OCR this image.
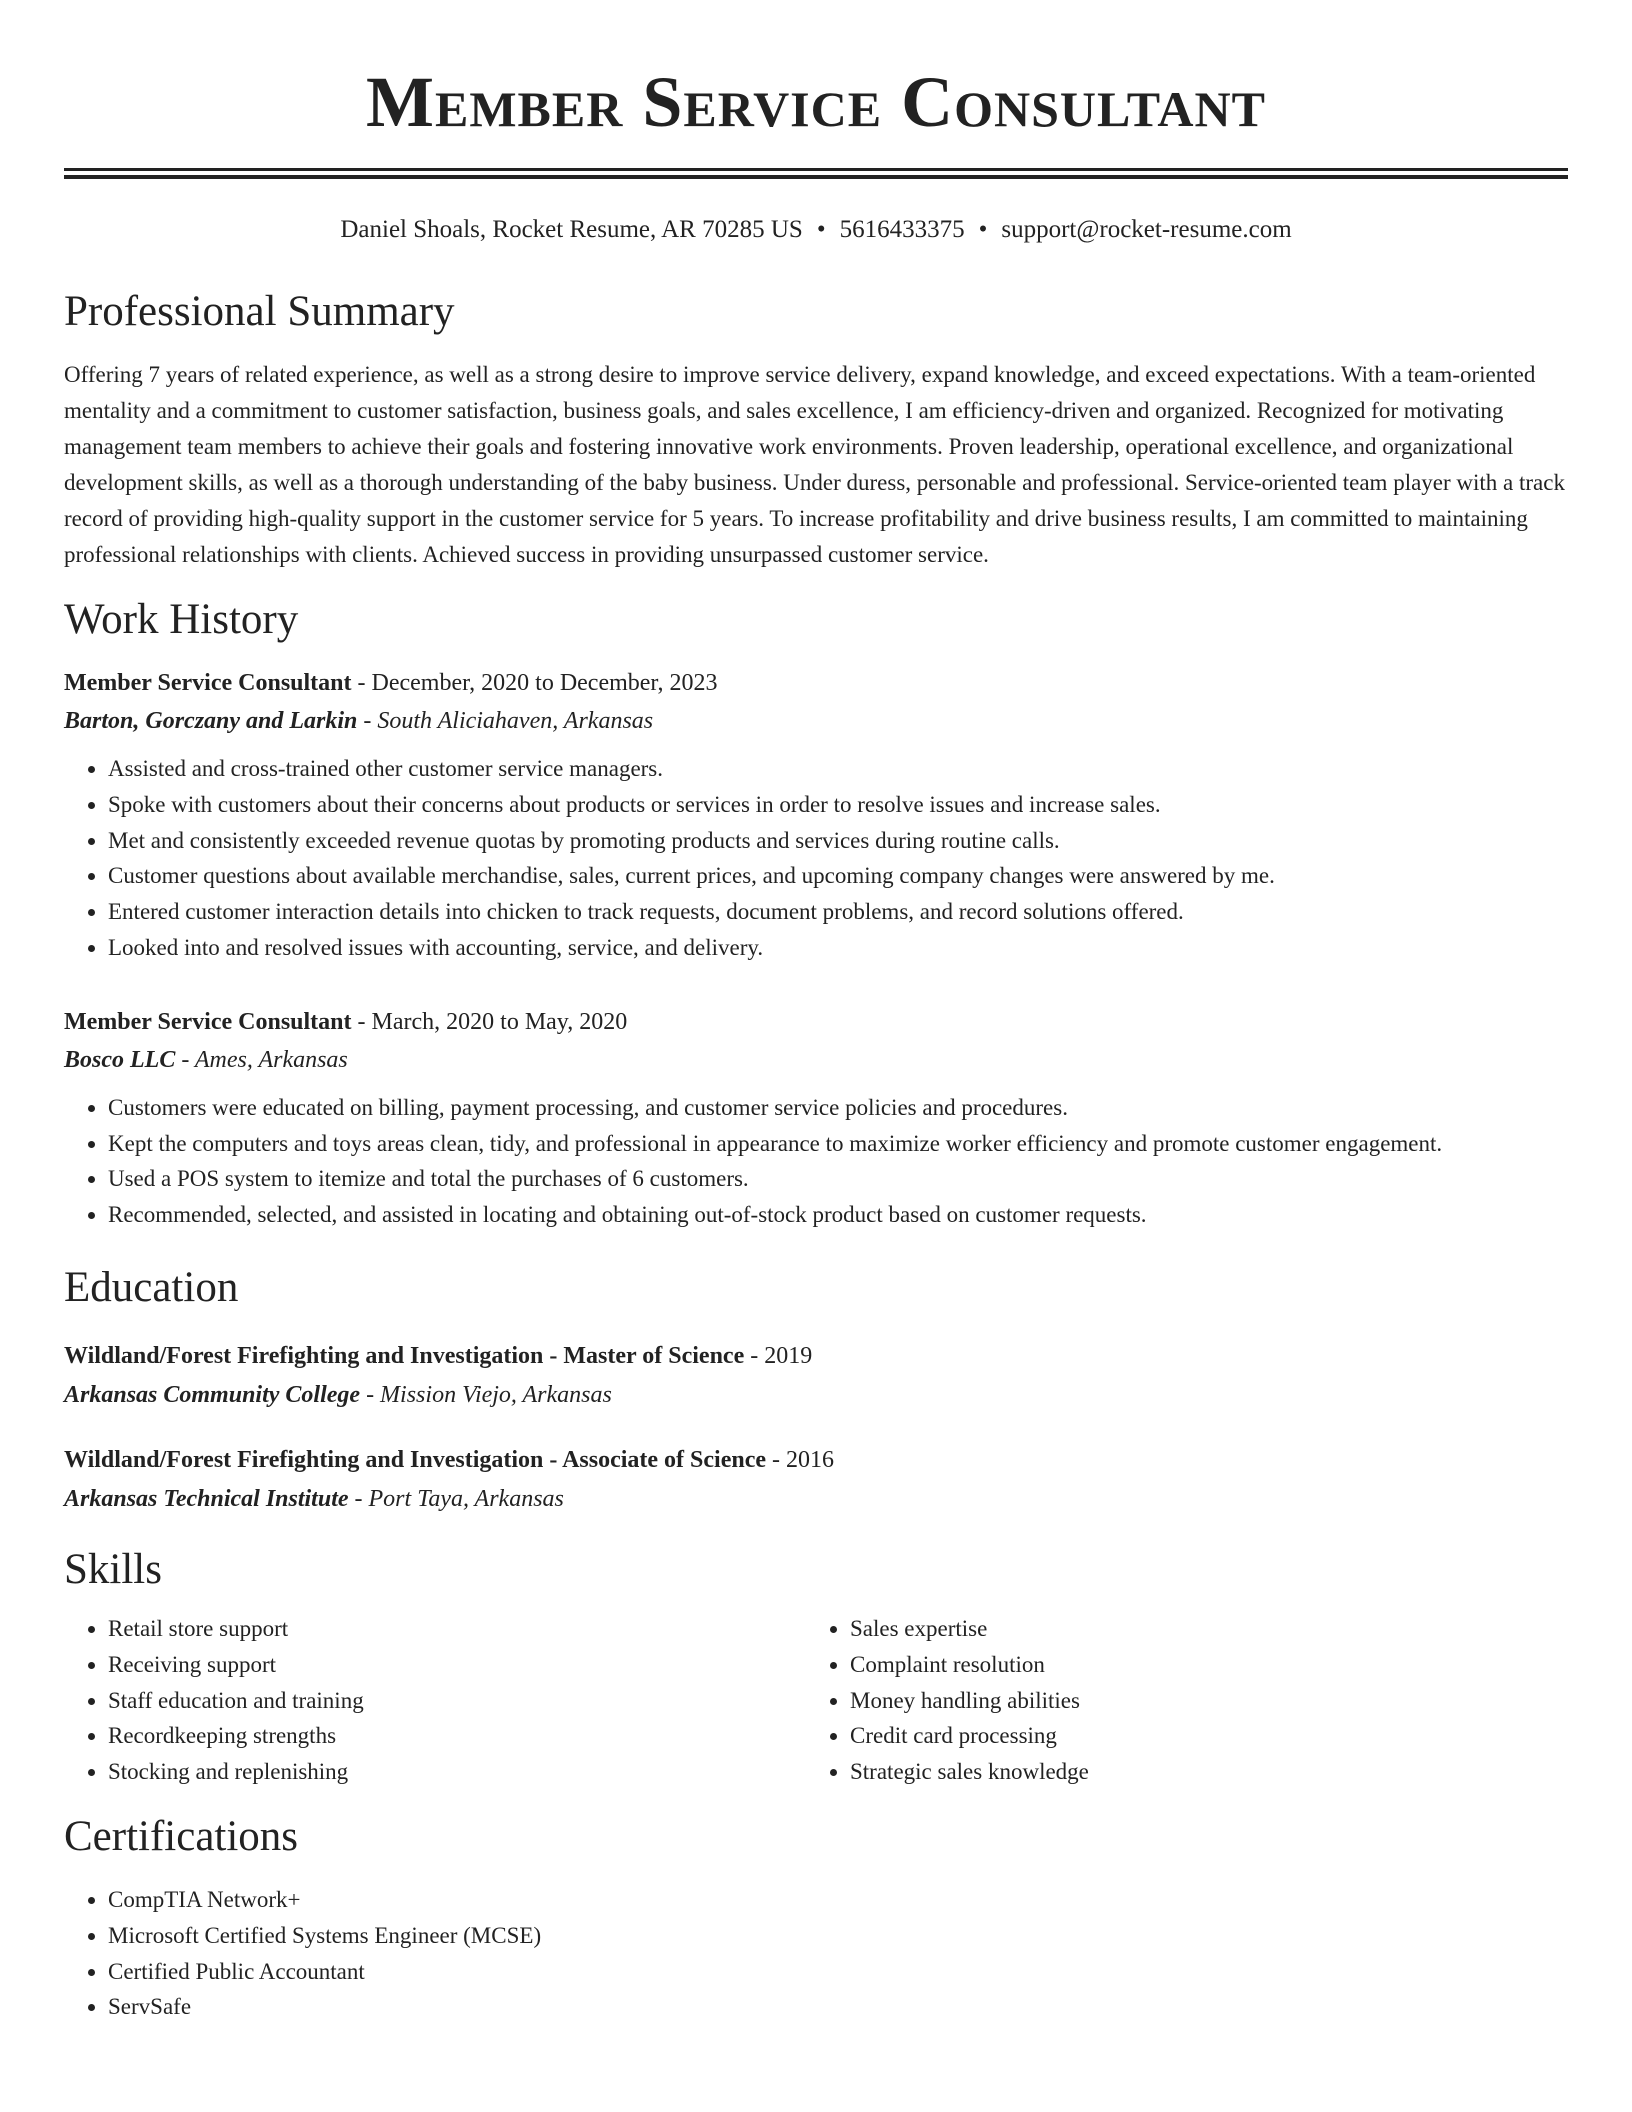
Member Service Consultant
Daniel Shoals, Rocket Resume, AR 70285 US • 5616433375 • support@rocket-resume.com
Professional Summary
Offering 7 years of related experience, as well as a strong desire to improve service delivery, expand knowledge, and exceed expectations. With a team-oriented mentality and a commitment to customer satisfaction, business goals, and sales excellence, I am efficiency-driven and organized. Recognized for motivating management team members to achieve their goals and fostering innovative work environments. Proven leadership, operational excellence, and organizational development skills, as well as a thorough understanding of the baby business. Under duress, personable and professional. Service-oriented team player with a track record of providing high-quality support in the customer service for 5 years. To increase profitability and drive business results, I am committed to maintaining professional relationships with clients. Achieved success in providing unsurpassed customer service.
Work History
Member Service Consultant - December, 2020 to December, 2023
Barton, Gorczany and Larkin - South Aliciahaven, Arkansas
• Assisted and cross-trained other customer service managers.
• Spoke with customers about their concerns about products or services in order to resolve issues and increase sales.
• Met and consistently exceeded revenue quotas by promoting products and services during routine calls.
• Customer questions about available merchandise, sales, current prices, and upcoming company changes were answered by me.
• Entered customer interaction details into chicken to track requests, document problems, and record solutions offered.
• Looked into and resolved issues with accounting, service, and delivery.
Member Service Consultant - March, 2020 to May, 2020
Bosco LLC - Ames, Arkansas
• Customers were educated on billing, payment processing, and customer service policies and procedures.
• Kept the computers and toys areas clean, tidy, and professional in appearance to maximize worker efficiency and promote customer engagement.
• Used a POS system to itemize and total the purchases of 6 customers.
• Recommended, selected, and assisted in locating and obtaining out-of-stock product based on customer requests.
Education
Wildland/Forest Firefighting and Investigation - Master of Science - 2019
Arkansas Community College - Mission Viejo, Arkansas
Wildland/Forest Firefighting and Investigation - Associate of Science - 2016
Arkansas Technical Institute - Port Taya, Arkansas
Skills
• Retail store support
• Receiving support
• Staff education and training
• Recordkeeping strengths
• Stocking and replenishing
• Sales expertise
• Complaint resolution
• Money handling abilities
• Credit card processing
• Strategic sales knowledge
Certifications
• CompTIA Network+
• Microsoft Certified Systems Engineer (MCSE)
• Certified Public Accountant
• ServSafe
